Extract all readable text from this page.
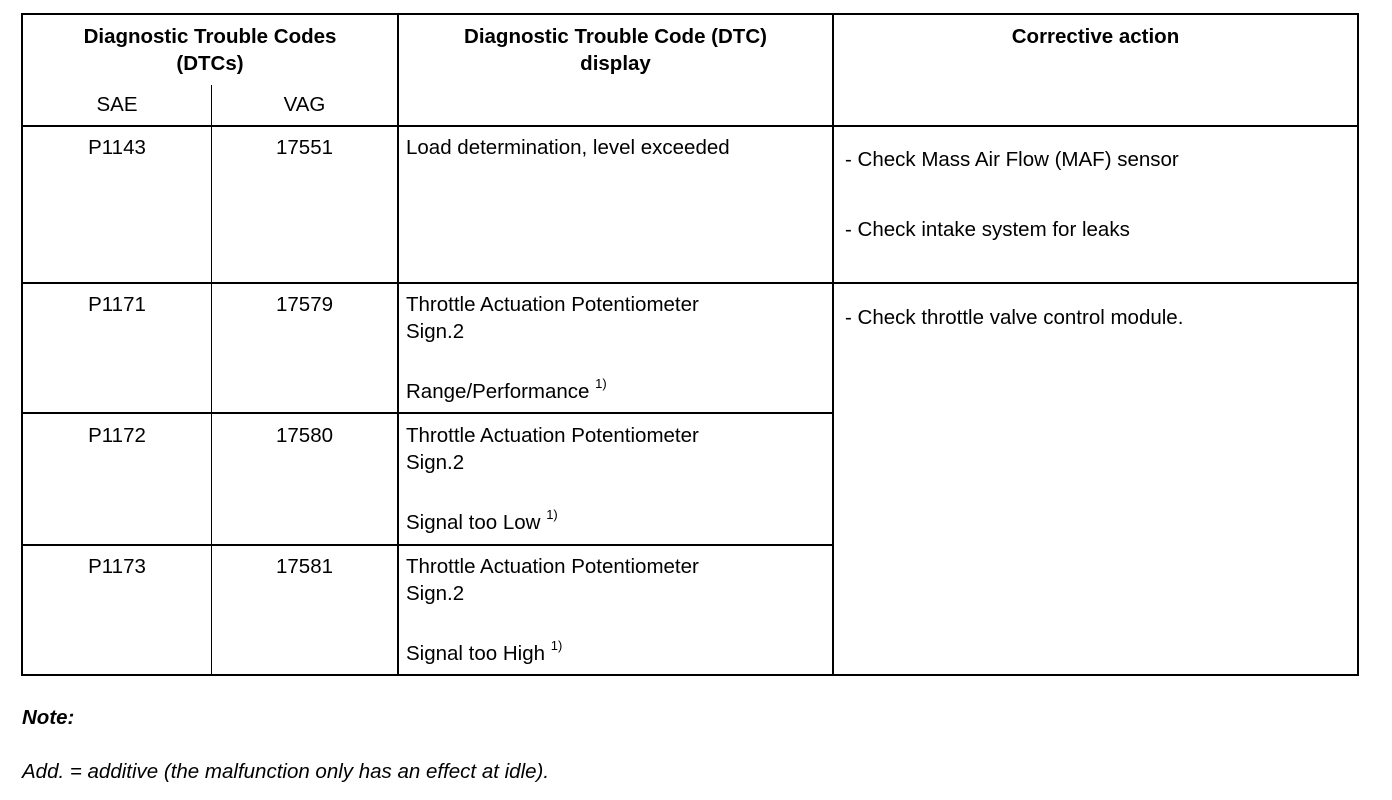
Diagnostic Trouble Codes
(DTCs)
SAE	VAG
Diagnostic Trouble Code (DTC)
display
Corrective action
P1143	17551	Load determination, level exceeded
- Check Mass Air Flow (MAF) sensor
- Check intake system for leaks
P1171	17579	Throttle Actuation Potentiometer
Sign.2
Range/Performance $^{1)}$
- Check throttle valve control module.
P1172	17580	Throttle Actuation Potentiometer
Sign.2
Signal too Low $^{1)}$
P1173	17581	Throttle Actuation Potentiometer
Sign.2
Signal too High $^{1)}$
Note:
Add. = additive (the malfunction only has an effect at idle).
